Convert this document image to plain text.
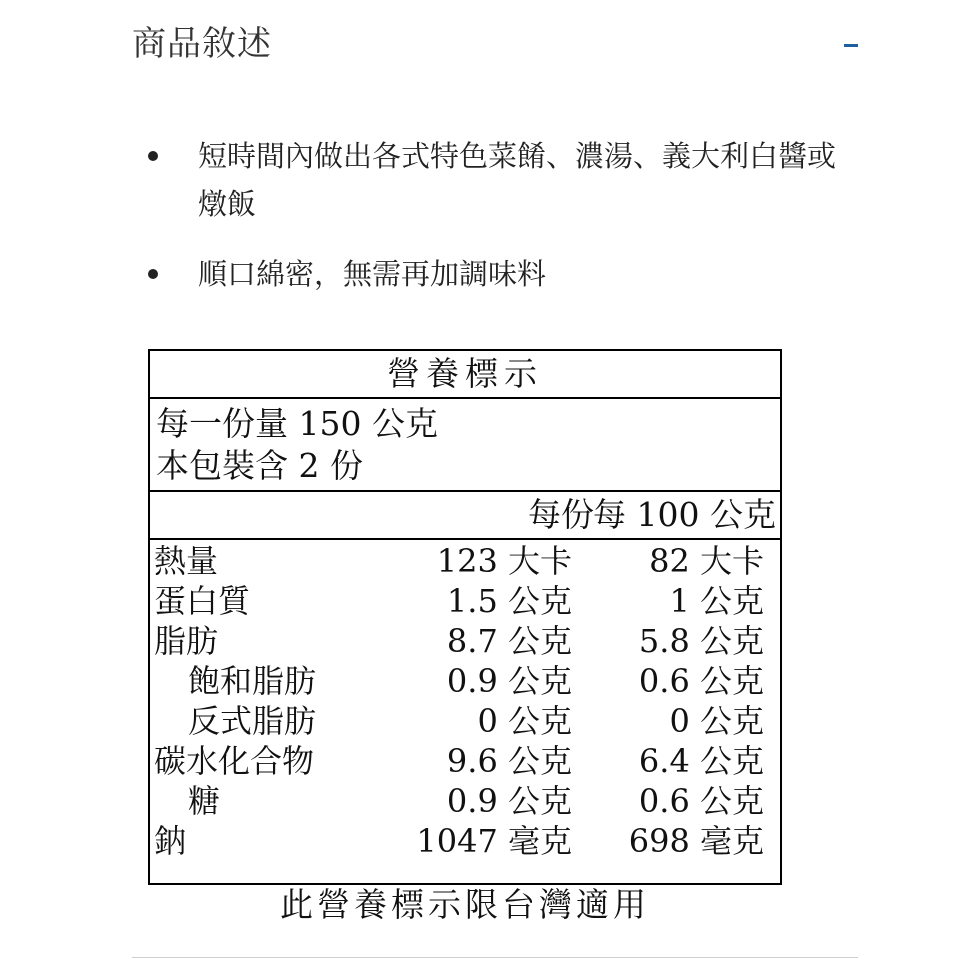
商品敘述
短時間內做出各式特色菜餚、濃湯、義大利白醬或燉飯
順口綿密，無需再加調味料
營養標示
每一份量 150 公克
本包裝含 2 份
每份 每 100 公克
熱量	123 大卡 82 大卡
蛋白質	1.5 公克	1 公克
脂肪	8.7 公克 5.8 公克
飽和脂肪	0.9 公克 0.6 公克
反式脂肪	0 公克	0 公克
碳水化合物	9.6 公克 6.4 公克
糖	0.9 公克 0.6 公克
鈉	1047 毫克 698 毫克
此營養標示限台灣適用
